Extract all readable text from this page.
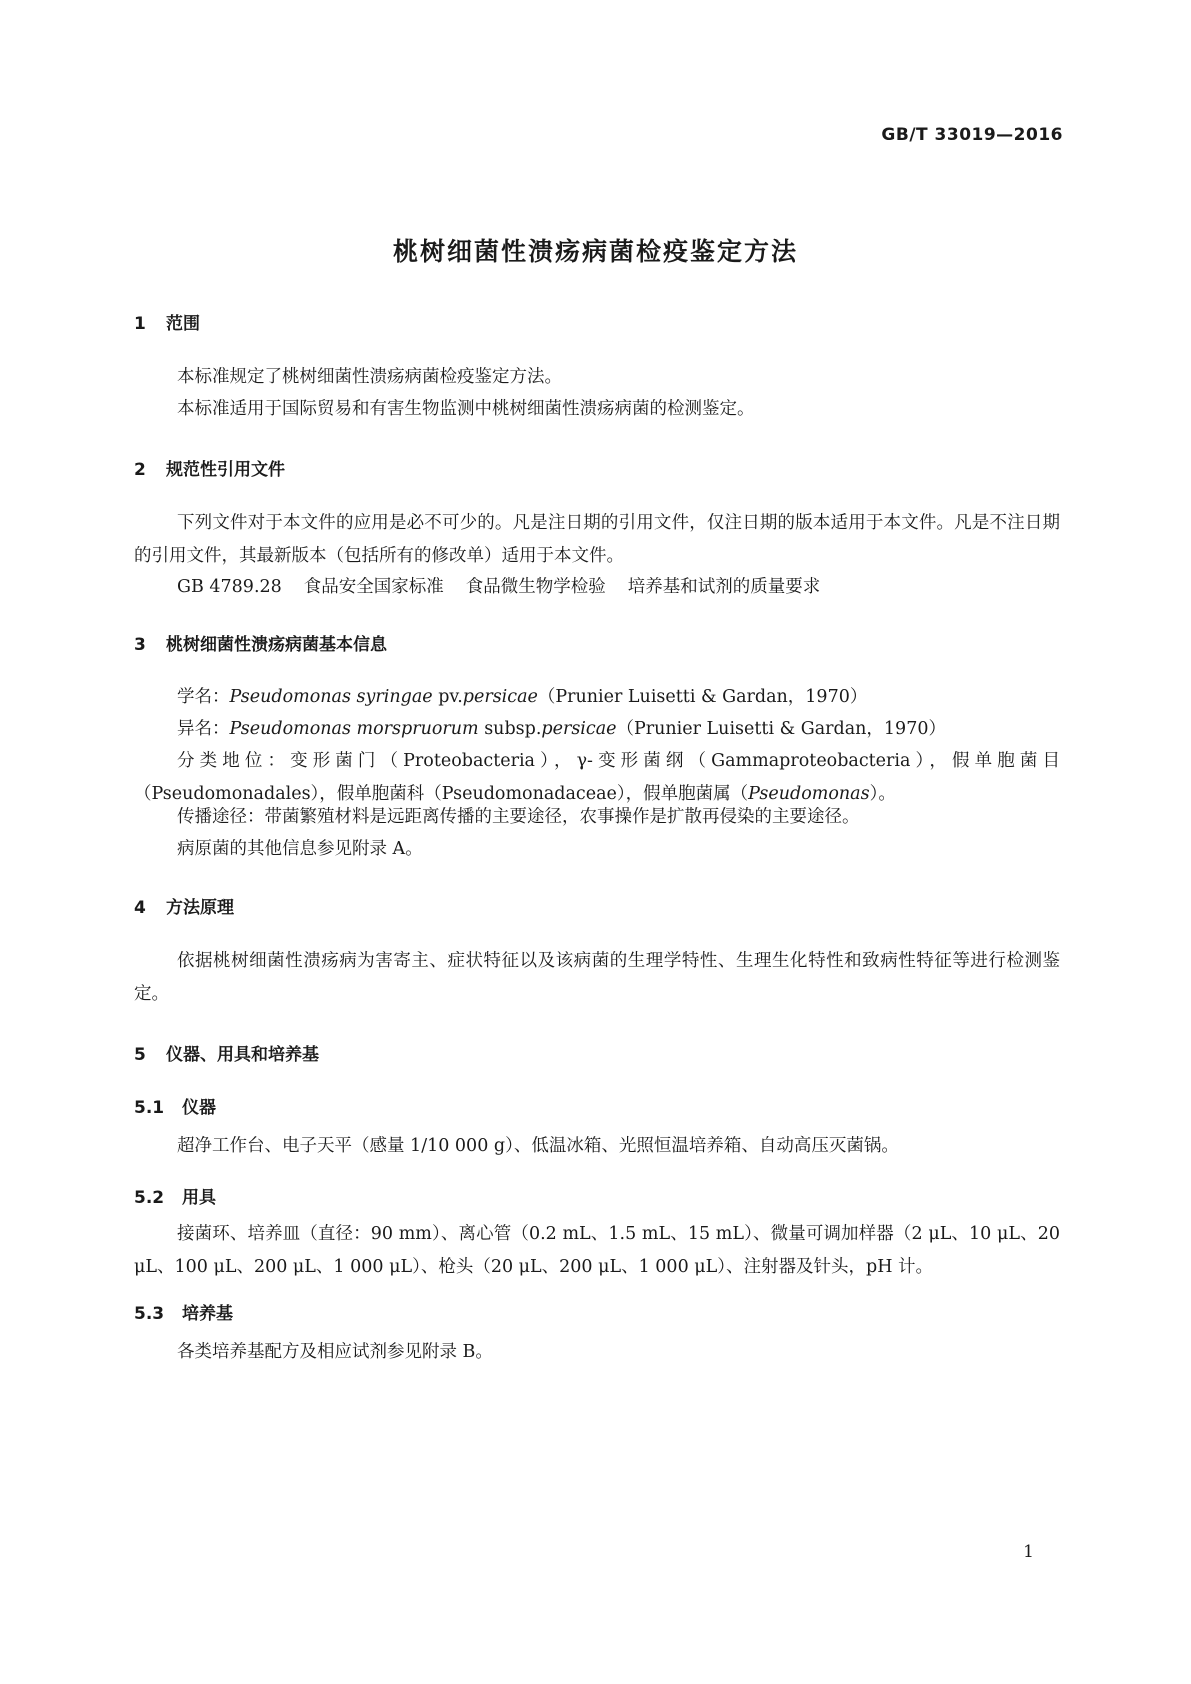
GB/T 33019—2016
桃树细菌性溃疡病菌检疫鉴定方法
1 范围
本标准规定了桃树细菌性溃疡病菌检疫鉴定方法。
本标准适用于国际贸易和有害生物监测中桃树细菌性溃疡病菌的检测鉴定。
2 规范性引用文件
下列文件对于本文件的应用是必不可少的。凡是注日期的引用文件，仅注日期的版本适用于本文件。凡是不注日期的引用文件，其最新版本（包括所有的修改单）适用于本文件。
GB 4789.28 食品安全国家标准 食品微生物学检验 培养基和试剂的质量要求
3 桃树细菌性溃疡病菌基本信息
学名：Pseudomonas syringae pv.persicae（Prunier Luisetti & Gardan，1970）
异名：Pseudomonas morspruorum subsp.persicae（Prunier Luisetti & Gardan，1970）
分类地位：变形菌门（Proteobacteria），γ-变形菌纲（Gammaproteobacteria），假单胞菌目（Pseudomonadales），假单胞菌科（Pseudomonadaceae），假单胞菌属（Pseudomonas）。
传播途径：带菌繁殖材料是远距离传播的主要途径，农事操作是扩散再侵染的主要途径。
病原菌的其他信息参见附录 A。
4 方法原理
依据桃树细菌性溃疡病为害寄主、症状特征以及该病菌的生理学特性、生理生化特性和致病性特征等进行检测鉴定。
5 仪器、用具和培养基
5.1 仪器
超净工作台、电子天平（感量 1/10 000 g）、低温冰箱、光照恒温培养箱、自动高压灭菌锅。
5.2 用具
接菌环、培养皿（直径：90 mm）、离心管（0.2 mL、1.5 mL、15 mL）、微量可调加样器（2 μL、10 μL、20 μL、100 μL、200 μL、1 000 μL）、枪头（20 μL、200 μL、1 000 μL）、注射器及针头，pH 计。
5.3 培养基
各类培养基配方及相应试剂参见附录 B。
1
